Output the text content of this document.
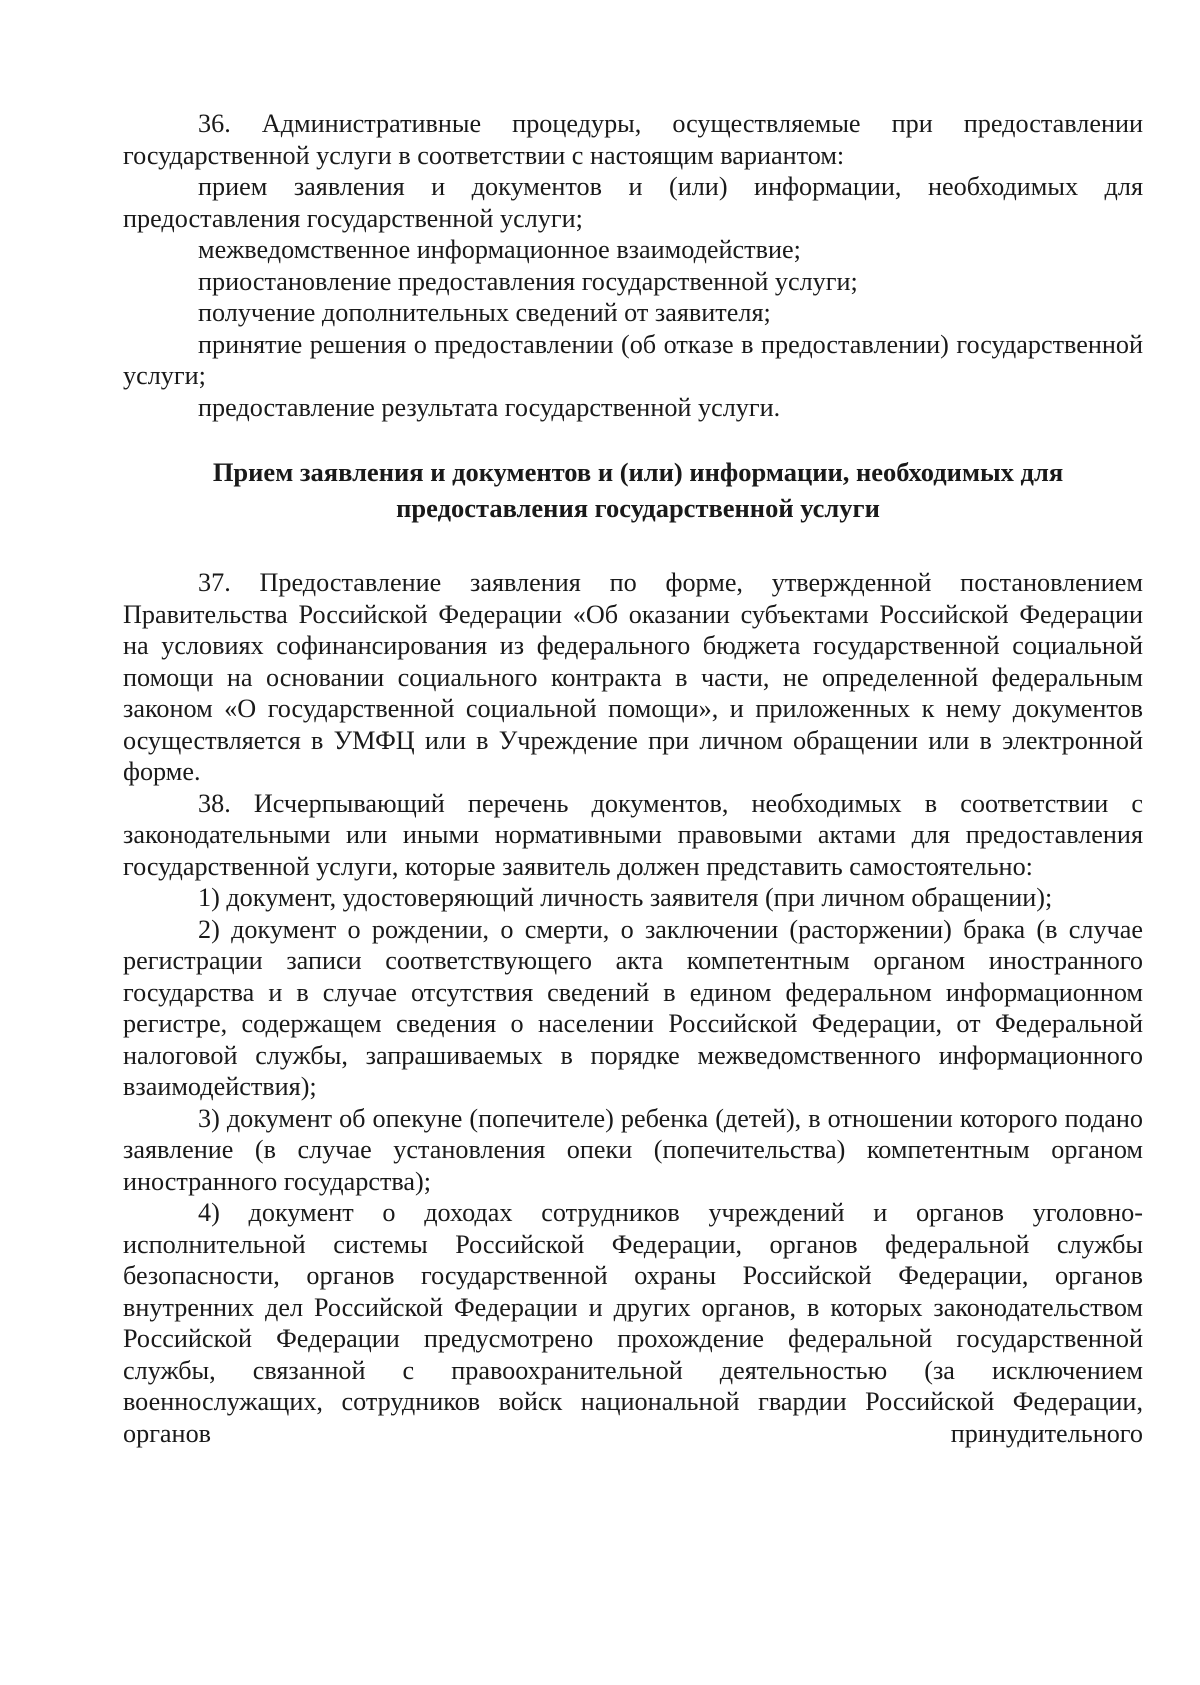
36. Административные процедуры, осуществляемые при предоставлении государственной услуги в соответствии с настоящим вариантом:

прием заявления и документов и (или) информации, необходимых для предоставления государственной услуги;

межведомственное информационное взаимодействие;

приостановление предоставления государственной услуги;

получение дополнительных сведений от заявителя;

принятие решения о предоставлении (об отказе в предоставлении) государственной услуги;

предоставление результата государственной услуги.

Прием заявления и документов и (или) информации, необходимых для

предоставления государственной услуги

37. Предоставление заявления по форме, утвержденной постановлением Правительства Российской Федерации «Об оказании субъектами Российской Федерации на условиях софинансирования из федерального бюджета государственной социальной помощи на основании социального контракта в части, не определенной федеральным законом «О государственной социальной помощи», и приложенных к нему документов осуществляется в УМФЦ или в Учреждение при личном обращении или в электронной форме.

38. Исчерпывающий перечень документов, необходимых в соответствии с законодательными или иными нормативными правовыми актами для предоставления государственной услуги, которые заявитель должен представить самостоятельно:

1) документ, удостоверяющий личность заявителя (при личном обращении);

2) документ о рождении, о смерти, о заключении (расторжении) брака (в случае регистрации записи соответствующего акта компетентным органом иностранного государства и в случае отсутствия сведений в едином федеральном информационном регистре, содержащем сведения о населении Российской Федерации, от Федеральной налоговой службы, запрашиваемых в порядке межведомственного информационного взаимодействия);

3) документ об опекуне (попечителе) ребенка (детей), в отношении которого подано заявление (в случае установления опеки (попечительства) компетентным органом иностранного государства);

4) документ о доходах сотрудников учреждений и органов уголовно-исполнительной системы Российской Федерации, органов федеральной службы безопасности, органов государственной охраны Российской Федерации, органов внутренних дел Российской Федерации и других органов, в которых законодательством Российской Федерации предусмотрено прохождение федеральной государственной службы, связанной с правоохранительной деятельностью (за исключением военнослужащих, сотрудников войск национальной гвардии Российской Федерации, органов принудительного
